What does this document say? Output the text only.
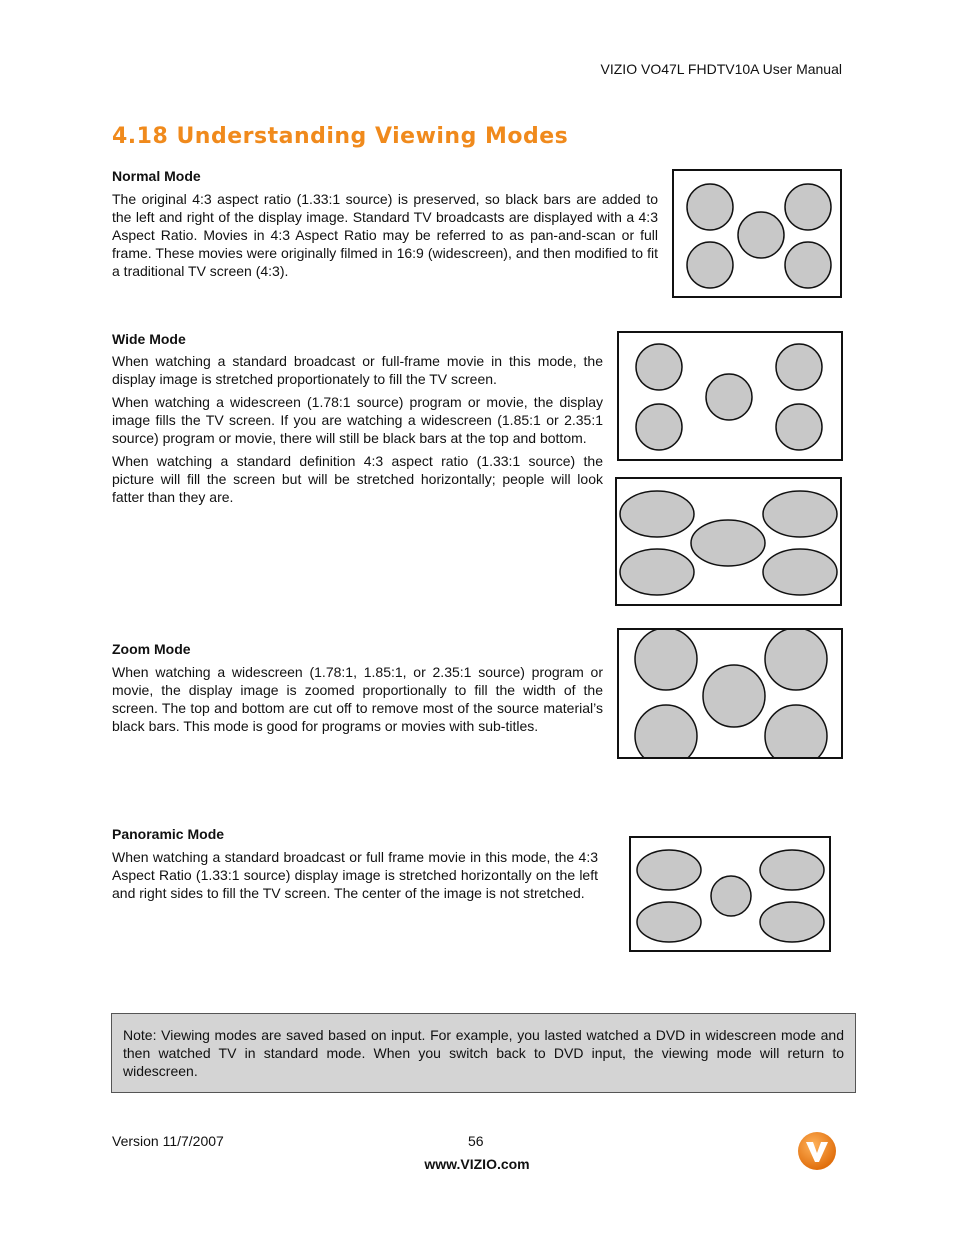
VIZIO VO47L FHDTV10A User Manual
4.18 Understanding Viewing Modes
Normal Mode

The original 4:3 aspect ratio (1.33:1 source) is preserved, so black bars are added to the left and right of the display image. Standard TV broadcasts are displayed with a 4:3 Aspect Ratio. Movies in 4:3 Aspect Ratio may be referred to as pan-and-scan or full frame. These movies were originally filmed in 16:9 (widescreen), and then modified to fit a traditional TV screen (4:3).

Wide Mode

When watching a standard broadcast or full-frame movie in this mode, the display image is stretched proportionately to fill the TV screen.

When watching a widescreen (1.78:1 source) program or movie, the display image fills the TV screen. If you are watching a widescreen (1.85:1 or 2.35:1 source) program or movie, there will still be black bars at the top and bottom.

When watching a standard definition 4:3 aspect ratio (1.33:1 source) the picture will fill the screen but will be stretched horizontally; people will look fatter than they are.

Zoom Mode

When watching a widescreen (1.78:1, 1.85:1, or 2.35:1 source) program or movie, the display image is zoomed proportionally to fill the width of the screen. The top and bottom are cut off to remove most of the source material’s black bars. This mode is good for programs or movies with sub-titles.

Panoramic Mode

When watching a standard broadcast or full frame movie in this mode, the 4:3 Aspect Ratio (1.33:1 source) display image is stretched horizontally on the left and right sides to fill the TV screen. The center of the image is not stretched.

Note: Viewing modes are saved based on input. For example, you lasted watched a DVD in widescreen mode and then watched TV in standard mode. When you switch back to DVD input, the viewing mode will return to widescreen.
Version 11/7/2007	56
www.VIZIO.com
